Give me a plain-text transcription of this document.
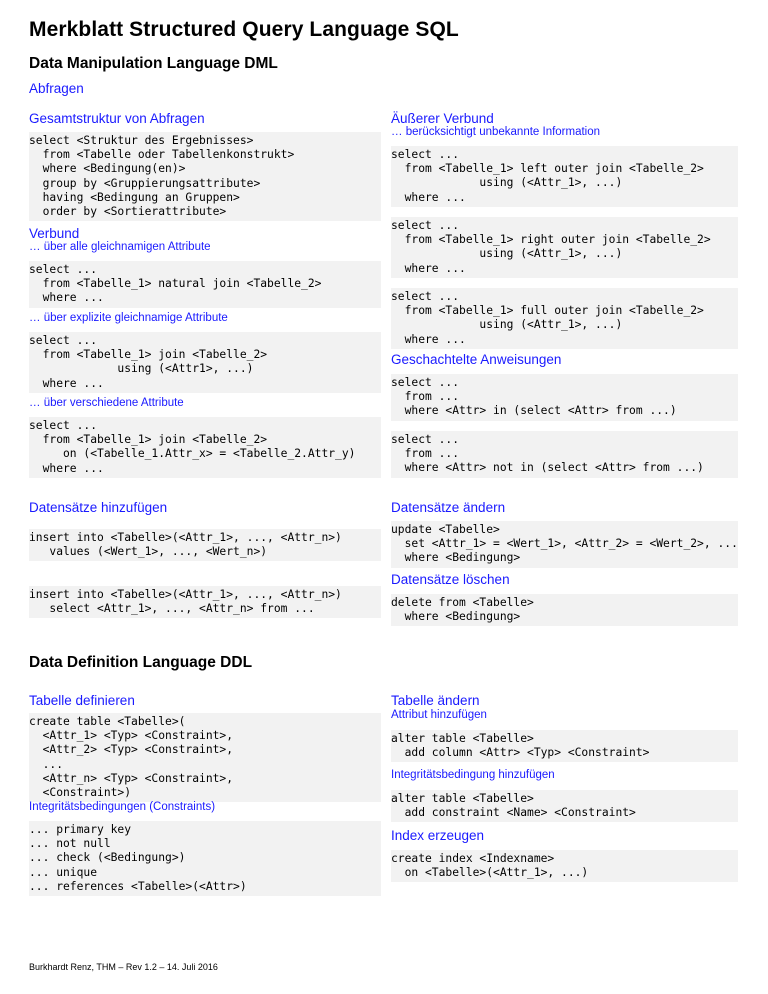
Merkblatt Structured Query Language SQL
Data Manipulation Language DML
Abfragen
Gesamtstruktur von Abfragen
select <Struktur des Ergebnisses>
from <Tabelle oder Tabellenkonstrukt>
where <Bedingung(en)>
group by <Gruppierungsattribute>
having <Bedingung an Gruppen>
order by <Sortierattribute>
Verbund
… über alle gleichnamigen Attribute
select ...
from <Tabelle_1> natural join <Tabelle_2>
where ...
… über explizite gleichnamige Attribute
select ...
from <Tabelle_1> join <Tabelle_2>
using (<Attr1>, ...)
where ...
… über verschiedene Attribute
select ...
from <Tabelle_1> join <Tabelle_2>
on (<Tabelle_1.Attr_x> = <Tabelle_2.Attr_y)
where ...
Äußerer Verbund
… berücksichtigt unbekannte Information
select ...
from <Tabelle_1> left outer join <Tabelle_2>
using (<Attr_1>, ...)
where ...
select ...
from <Tabelle_1> right outer join <Tabelle_2>
using (<Attr_1>, ...)
where ...
select ...
from <Tabelle_1> full outer join <Tabelle_2>
using (<Attr_1>, ...)
where ...
Geschachtelte Anweisungen
select ...
from ...
where <Attr> in (select <Attr> from ...)
select ...
from ...
where <Attr> not in (select <Attr> from ...)
Datensätze hinzufügen
insert into <Tabelle>(<Attr_1>, ..., <Attr_n>)
values (<Wert_1>, ..., <Wert_n>)
insert into <Tabelle>(<Attr_1>, ..., <Attr_n>)
select <Attr_1>, ..., <Attr_n> from ...
Datensätze ändern
update <Tabelle>
set <Attr_1> = <Wert_1>, <Attr_2> = <Wert_2>, ...
where <Bedingung>
Datensätze löschen
delete from <Tabelle>
where <Bedingung>
Data Definition Language DDL
Tabelle definieren
create table <Tabelle>(
<Attr_1> <Typ> <Constraint>,
<Attr_2> <Typ> <Constraint>,
...
<Attr_n> <Typ> <Constraint>,
<Constraint>)
Integritätsbedingungen (Constraints)
... primary key
... not null
... check (<Bedingung>)
... unique
... references <Tabelle>(<Attr>)
Tabelle ändern
Attribut hinzufügen
alter table <Tabelle>
add column <Attr> <Typ> <Constraint>
Integritätsbedingung hinzufügen
alter table <Tabelle>
add constraint <Name> <Constraint>
Index erzeugen
create index <Indexname>
on <Tabelle>(<Attr_1>, ...)
Burkhardt Renz, THM – Rev 1.2 – 14. Juli 2016
